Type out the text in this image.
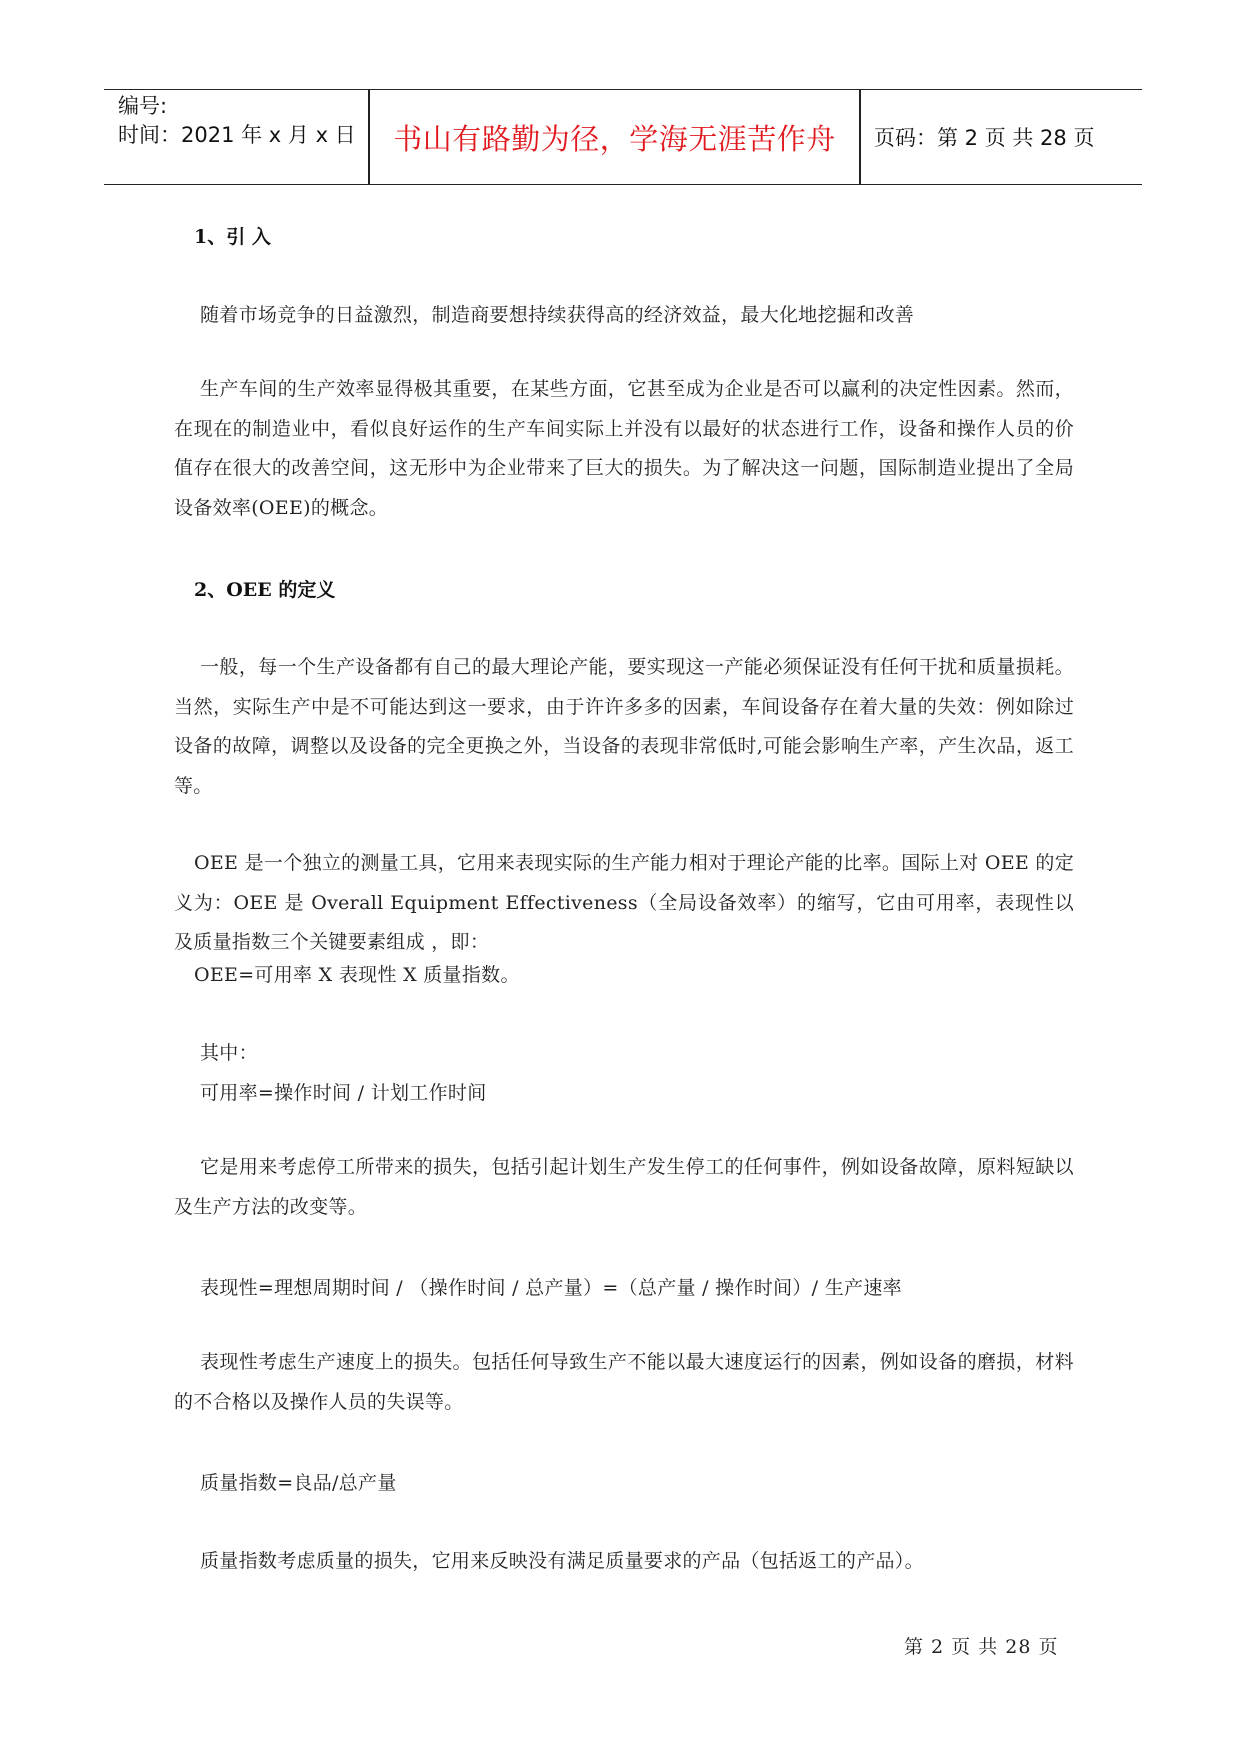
编号:
时间：2021 年 x 月 x 日	书山有路勤为径，学海无涯苦作舟	页码：第 2 页 共 28 页
1、引 入
随着市场竞争的日益激烈，制造商要想持续获得高的经济效益，最大化地挖掘和改善

生产车间的生产效率显得极其重要，在某些方面，它甚至成为企业是否可以赢利的决定性因素。然而，在现在的制造业中，看似良好运作的生产车间实际上并没有以最好的状态进行工作，设备和操作人员的价值存在很大的改善空间，这无形中为企业带来了巨大的损失。为了解决这一问题，国际制造业提出了全局设备效率(OEE)的概念。

2、OEE 的定义

一般，每一个生产设备都有自己的最大理论产能，要实现这一产能必须保证没有任何干扰和质量损耗。当然，实际生产中是不可能达到这一要求，由于许许多多的因素，车间设备存在着大量的失效：例如除过设备的故障，调整以及设备的完全更换之外，当设备的表现非常低时,可能会影响生产率，产生次品，返工等。

OEE 是一个独立的测量工具，它用来表现实际的生产能力相对于理论产能的比率。国际上对 OEE 的定义为：OEE 是 Overall Equipment Effectiveness（全局设备效率）的缩写，它由可用率，表现性以及质量指数三个关键要素组成 ，即：

OEE=可用率 X 表现性 X 质量指数。
其中：
可用率=操作时间 / 计划工作时间

它是用来考虑停工所带来的损失，包括引起计划生产发生停工的任何事件，例如设备故障，原料短缺以及生产方法的改变等。

表现性=理想周期时间 / （操作时间 / 总产量）=（总产量 / 操作时间）/ 生产速率

表现性考虑生产速度上的损失。包括任何导致生产不能以最大速度运行的因素，例如设备的磨损，材料的不合格以及操作人员的失误等。

质量指数=良品/总产量
质量指数考虑质量的损失，它用来反映没有满足质量要求的产品（包括返工的产品）。
第 2 页 共 28 页
